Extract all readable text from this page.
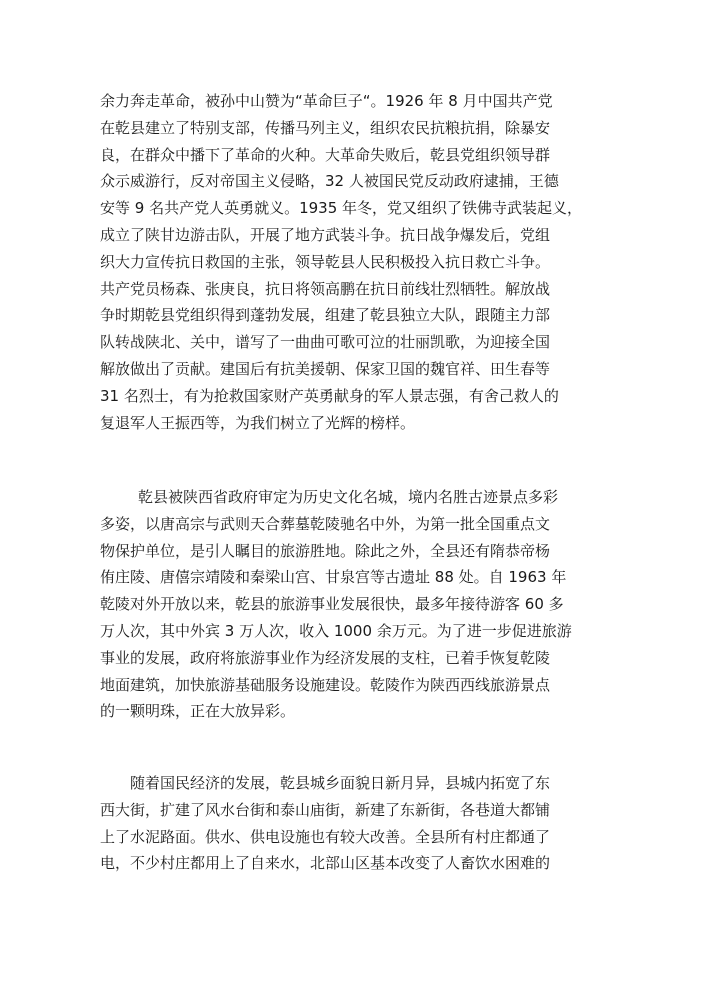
余力奔走革命，被孙中山赞为“革命巨子“。1926 年 8 月中国共产党
在乾县建立了特别支部，传播马列主义，组织农民抗粮抗捐，除暴安
良，在群众中播下了革命的火种。大革命失败后，乾县党组织领导群
众示威游行，反对帝国主义侵略，32 人被国民党反动政府逮捕，王德
安等 9 名共产党人英勇就义。1935 年冬，党又组织了铁佛寺武装起义，
成立了陕甘边游击队，开展了地方武装斗争。抗日战争爆发后，党组
织大力宣传抗日救国的主张，领导乾县人民积极投入抗日救亡斗争。
共产党员杨森、张庚良，抗日将领高鹏在抗日前线壮烈牺牲。解放战
争时期乾县党组织得到蓬勃发展，组建了乾县独立大队，跟随主力部
队转战陕北、关中，谱写了一曲曲可歌可泣的壮丽凯歌，为迎接全国
解放做出了贡献。建国后有抗美援朝、保家卫国的魏官祥、田生春等
31 名烈士，有为抢救国家财产英勇献身的军人景志强，有舍己救人的
复退军人王振西等，为我们树立了光辉的榜样。
乾县被陕西省政府审定为历史文化名城，境内名胜古迹景点多彩
多姿，以唐高宗与武则天合葬墓乾陵驰名中外，为第一批全国重点文
物保护单位，是引人瞩目的旅游胜地。除此之外，全县还有隋恭帝杨
侑庄陵、唐僖宗靖陵和秦梁山宫、甘泉宫等古遗址 88 处。自 1963 年
乾陵对外开放以来，乾县的旅游事业发展很快，最多年接待游客 60 多
万人次，其中外宾 3 万人次，收入 1000 余万元。为了进一步促进旅游
事业的发展，政府将旅游事业作为经济发展的支柱，已着手恢复乾陵
地面建筑，加快旅游基础服务设施建设。乾陵作为陕西西线旅游景点
的一颗明珠，正在大放异彩。
随着国民经济的发展，乾县城乡面貌日新月异，县城内拓宽了东
西大街，扩建了风水台街和泰山庙街，新建了东新街，各巷道大都铺
上了水泥路面。供水、供电设施也有较大改善。全县所有村庄都通了
电，不少村庄都用上了自来水，北部山区基本改变了人畜饮水困难的
